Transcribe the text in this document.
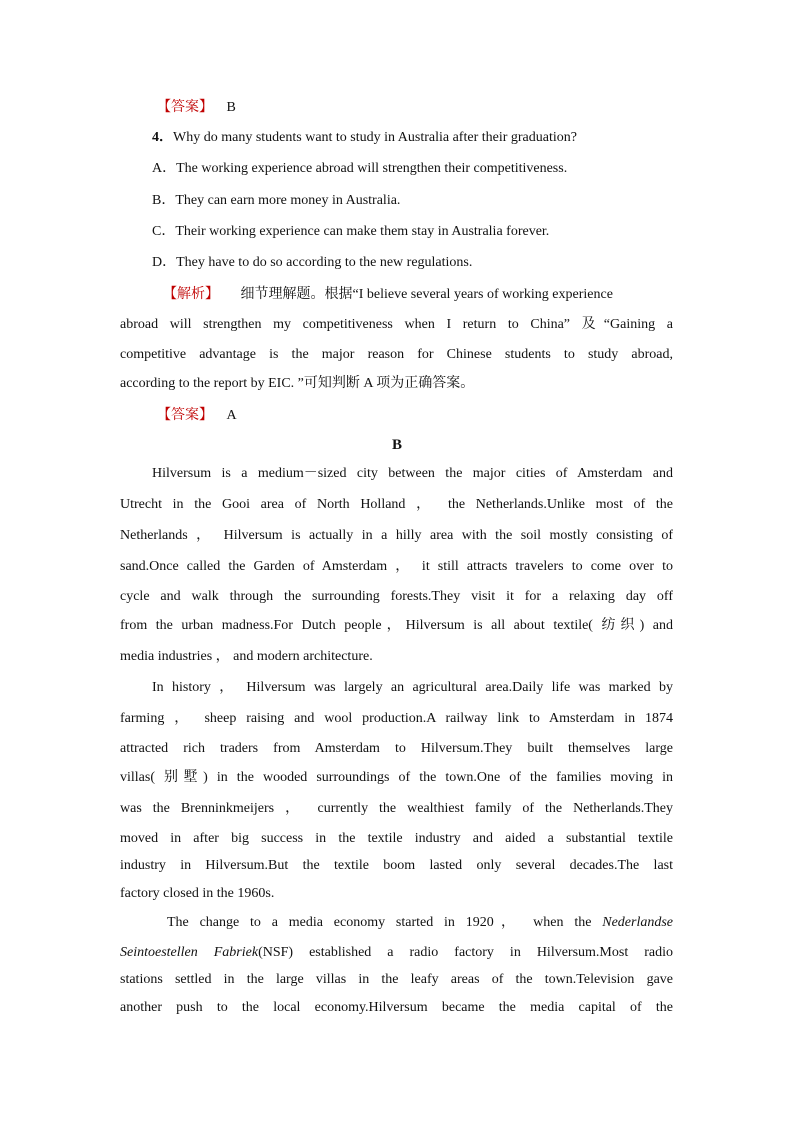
【答案】 B
4．Why do many students want to study in Australia after their graduation?
A．The working experience abroad will strengthen their competitiveness.
B．They can earn more money in Australia.
C．Their working experience can make them stay in Australia forever.
D．They have to do so according to the new regulations.
【解析】 细节理解题。根据“I believe several years of working experience
abroad will strengthen my competitiveness when I return to China” 及“Gaining a
competitive advantage is the major reason for Chinese students to study abroad,
according to the report by EIC. ”可知判断 A 项为正确答案。
【答案】 A
B
Hilversum is a medium－sized city between the major cities of Amsterdam and
Utrecht in the Gooi area of North Holland ， the Netherlands.Unlike most of the
Netherlands ， Hilversum is actually in a hilly area with the soil mostly consisting of
sand.Once called the Garden of Amsterdam ， it still attracts travelers to come over to
cycle and walk through the surrounding forests.They visit it for a relaxing day off
from the urban madness.For Dutch people，Hilversum is all about textile( 纺织) and
media industries ， and modern architecture.
In history ， Hilversum was largely an agricultural area.Daily life was marked by
farming ， sheep raising and wool production.A railway link to Amsterdam in 1874
attracted rich traders from Amsterdam to Hilversum.They built themselves large
villas( 别墅) in the wooded surroundings of the town.One of the families moving in
was the Brenninkmeijers ， currently the wealthiest family of the Netherlands.They
moved in after big success in the textile industry and aided a substantial textile
industry in Hilversum.But the textile boom lasted only several decades.The last
factory closed in the 1960s.
The change to a media economy started in 1920， when the Nederlandse
Seintoestellen Fabriek(NSF) established a radio factory in Hilversum.Most radio
stations settled in the large villas in the leafy areas of the town.Television gave
another push to the local economy.Hilversum became the media capital of the
